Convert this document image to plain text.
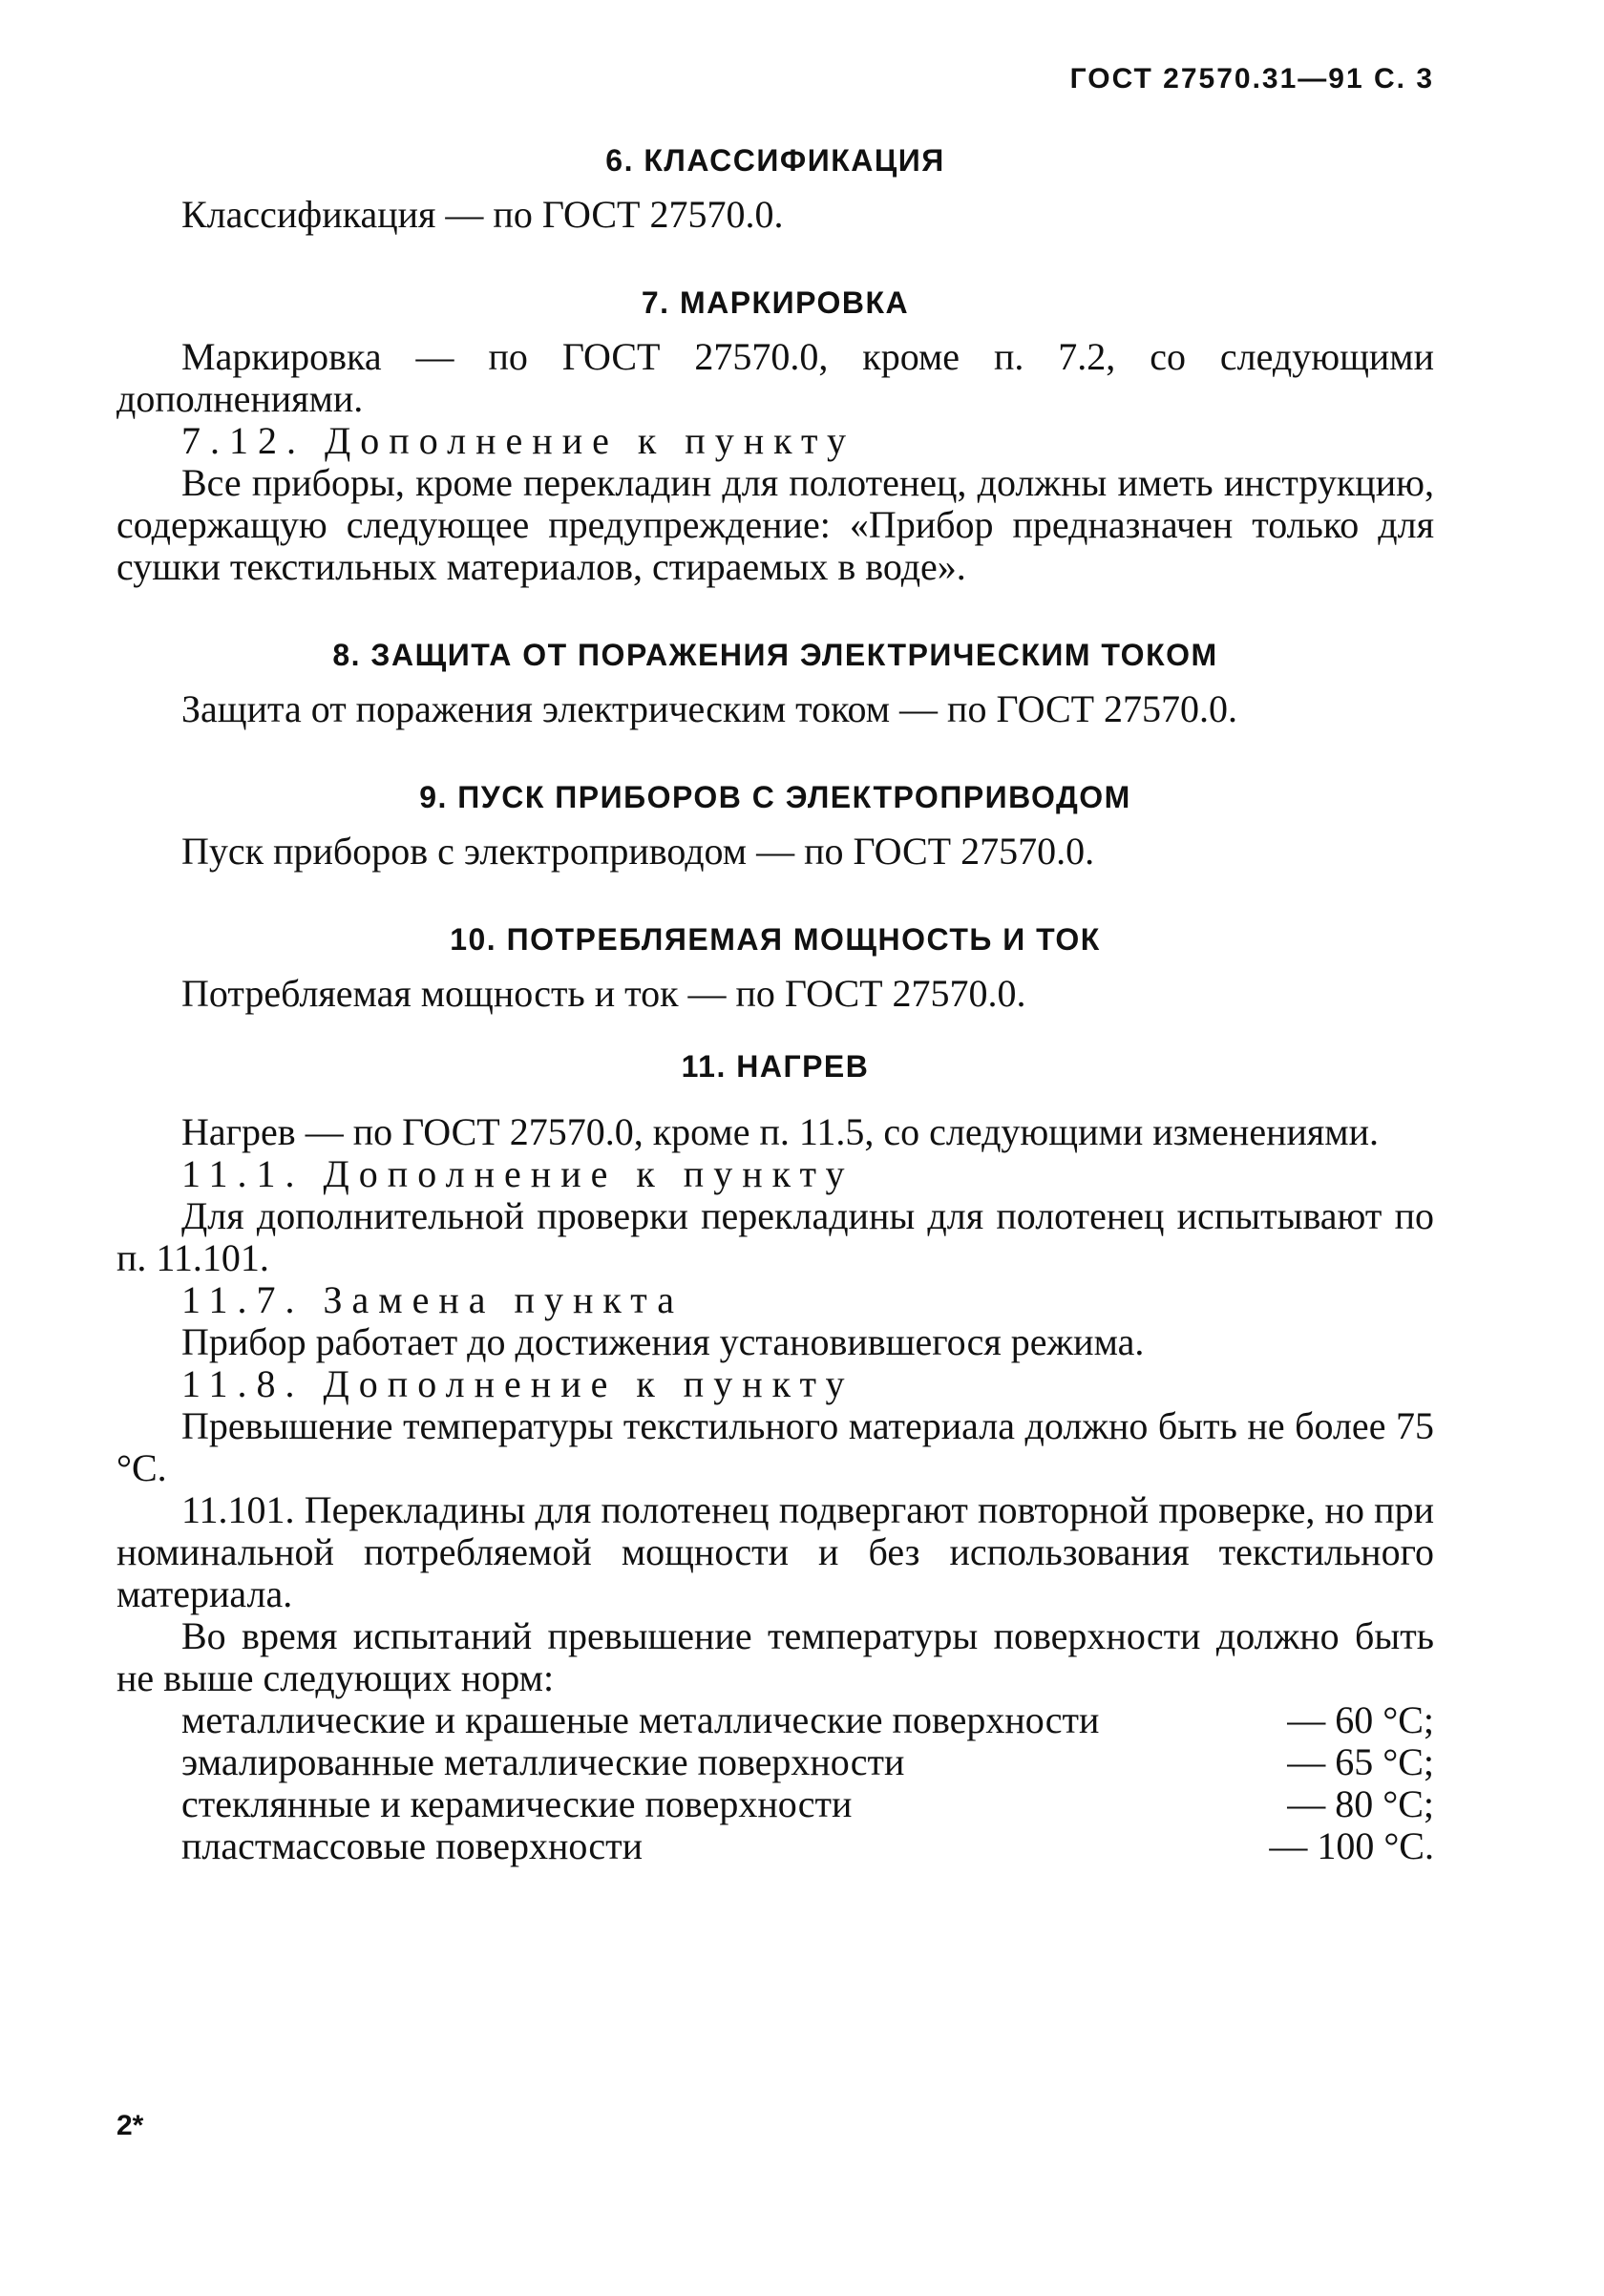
ГОСТ 27570.31—91 С. 3
6. КЛАССИФИКАЦИЯ

Классификация — по ГОСТ 27570.0.

7. МАРКИРОВКА

Маркировка — по ГОСТ 27570.0, кроме п. 7.2, со следующими дополнениями.

7.12. Дополнение к пункту

Все приборы, кроме перекладин для полотенец, должны иметь инструкцию, содержащую следующее предупреждение: «Прибор предназначен только для сушки текстильных материалов, стираемых в воде».

8. ЗАЩИТА ОТ ПОРАЖЕНИЯ ЭЛЕКТРИЧЕСКИМ ТОКОМ

Защита от поражения электрическим током — по ГОСТ 27570.0.

9. ПУСК ПРИБОРОВ С ЭЛЕКТРОПРИВОДОМ

Пуск приборов с электроприводом — по ГОСТ 27570.0.

10. ПОТРЕБЛЯЕМАЯ МОЩНОСТЬ И ТОК

Потребляемая мощность и ток — по ГОСТ 27570.0.

11. НАГРЕВ

Нагрев — по ГОСТ 27570.0, кроме п. 11.5, со следующими изменениями.

11.1. Дополнение к пункту

Для дополнительной проверки перекладины для полотенец испытывают по п. 11.101.

11.7. Замена пункта

Прибор работает до достижения установившегося режима.

11.8. Дополнение к пункту

Превышение температуры текстильного материала должно быть не более 75 °С.

11.101. Перекладины для полотенец подвергают повторной проверке, но при номинальной потребляемой мощности и без использования текстильного материала.

Во время испытаний превышение температуры поверхности должно быть не выше следующих норм:

металлические и крашеные металлические поверхности	— 60 °С;
эмалированные металлические поверхности	— 65 °С;
стеклянные и керамические поверхности	— 80 °С;
пластмассовые поверхности	— 100 °С.
2*
